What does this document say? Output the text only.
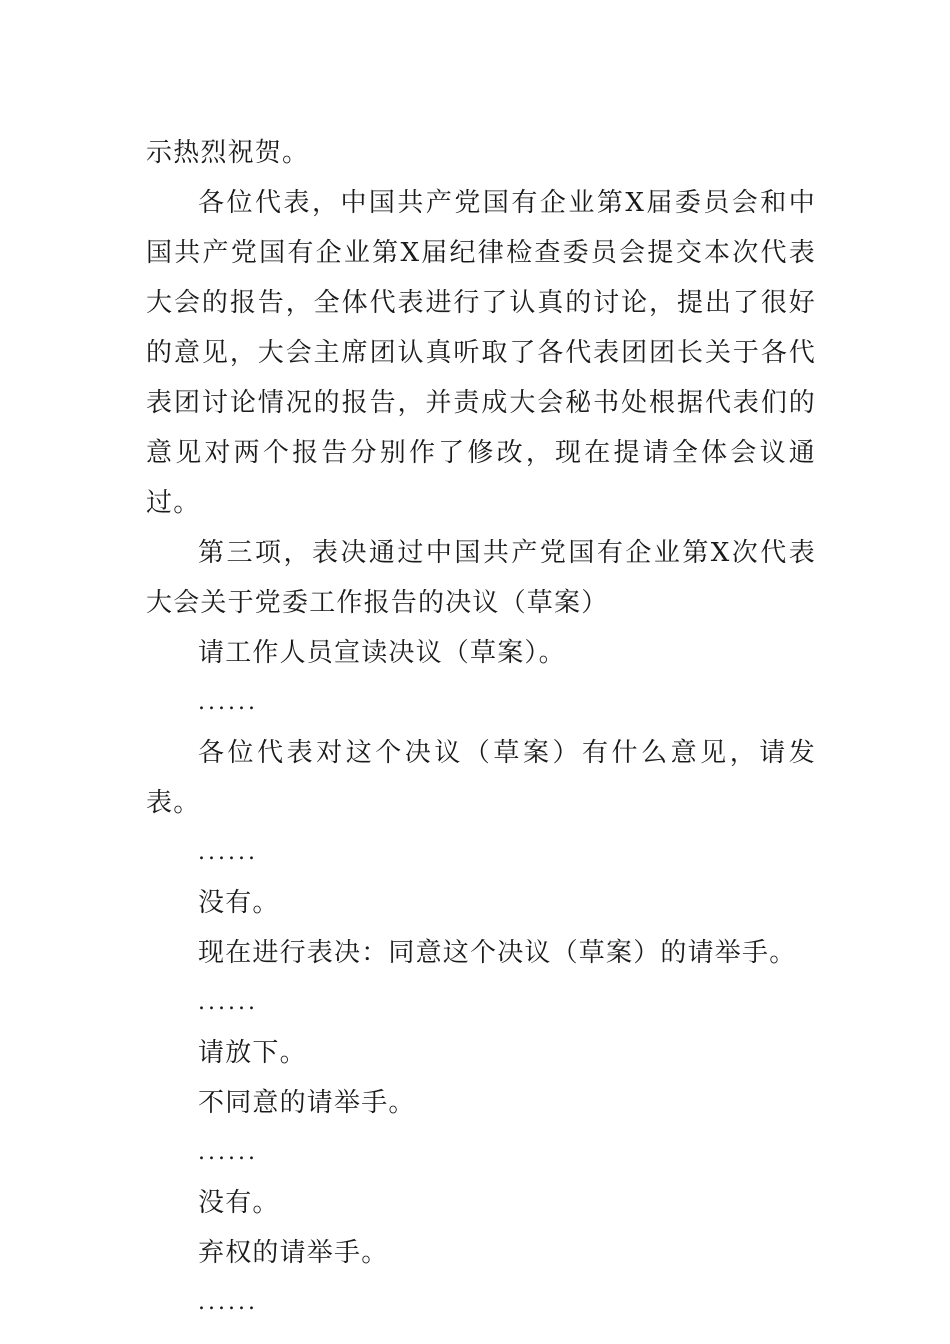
示热烈祝贺。

各位代表，中国共产党国有企业第X届委员会和中国共产党国有企业第X届纪律检查委员会提交本次代表大会的报告，全体代表进行了认真的讨论，提出了很好的意见，大会主席团认真听取了各代表团团长关于各代表团讨论情况的报告，并责成大会秘书处根据代表们的意见对两个报告分别作了修改，现在提请全体会议通过。

第三项，表决通过中国共产党国有企业第X次代表大会关于党委工作报告的决议（草案）

请工作人员宣读决议（草案）。

......

各位代表对这个决议（草案）有什么意见，请发表。

......

没有。

现在进行表决：同意这个决议（草案）的请举手。

......

请放下。

不同意的请举手。

......

没有。

弃权的请举手。

......
